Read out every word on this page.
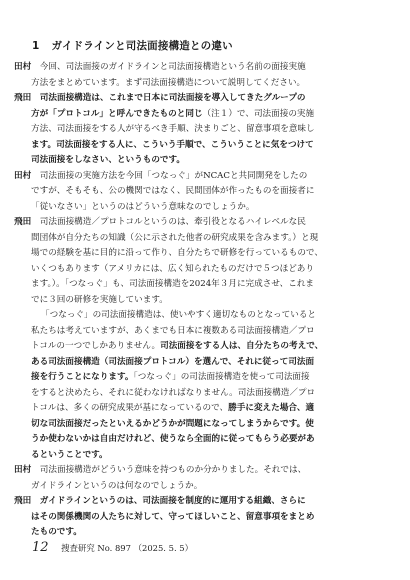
1 ガイドラインと司法面接構造との違い
田村　今回、司法面接のガイドラインと司法面接構造という名前の面接実施
方法をまとめています。まず司法面接構造について説明してください。
飛田　司法面接構造は、これまで日本に司法面接を導入してきたグループの
方が「プロトコル」と呼んできたものと同じ（注１）で、司法面接の実施
方法、司法面接をする人が守るべき手順、決まりごと、留意事項を意味し
ます。司法面接をする人に、こういう手順で、こういうことに気をつけて
司法面接をしなさい、というものです。
田村　司法面接の実施方法を今回「つなっぐ」がNCACと共同開発をしたの
ですが、そもそも、公の機関ではなく、民間団体が作ったものを面接者に
「従いなさい」というのはどういう意味なのでしょうか。
飛田　司法面接構造／プロトコルというのは、牽引役となるハイレベルな民
間団体が自分たちの知識（公に示された他者の研究成果を含みます。）と現
場での経験を基に目的に沿って作り、自分たちで研修を行っているもので、
いくつもあります（アメリカには、広く知られたものだけで５つほどあり
ます。）。「つなっぐ」も、司法面接構造を2024年３月に完成させ、これま
でに３回の研修を実施しています。
「つなっぐ」の司法面接構造は、使いやすく適切なものとなっていると
私たちは考えていますが、あくまでも日本に複数ある司法面接構造／プロ
トコルの一つでしかありません。司法面接をする人は、自分たちの考えで、
ある司法面接構造（司法面接プロトコル）を選んで、それに従って司法面
接を行うことになります。「つなっぐ」の司法面接構造を使って司法面接
をすると決めたら、それに従わなければなりません。司法面接構造／プロ
トコルは、多くの研究成果が基になっているので、勝手に変えた場合、適
切な司法面接だったといえるかどうかが問題になってしまうからです。使
うか使わないかは自由だけれど、使うなら全面的に従ってもらう必要があ
るということです。
田村　司法面接構造がどういう意味を持つものか分かりました。それでは、
ガイドラインというのは何なのでしょうか。
飛田　ガイドラインというのは、司法面接を制度的に運用する組織、さらに
はその関係機関の人たちに対して、守ってほしいこと、留意事項をまとめ
たものです。
12 捜査研究 No. 897 （2025. 5. 5）
